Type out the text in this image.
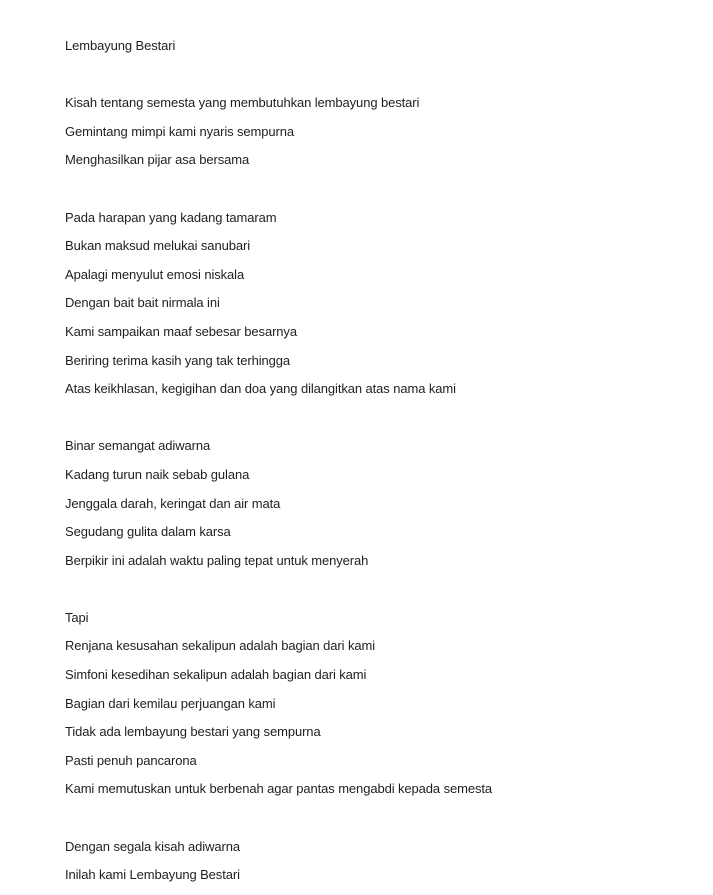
Lembayung Bestari
Kisah tentang semesta yang membutuhkan lembayung bestari
Gemintang mimpi kami nyaris sempurna
Menghasilkan pijar asa bersama
Pada harapan yang kadang tamaram
Bukan maksud melukai sanubari
Apalagi menyulut emosi niskala
Dengan bait bait nirmala ini
Kami sampaikan maaf sebesar besarnya
Beriring terima kasih yang tak terhingga
Atas keikhlasan, kegigihan dan doa yang dilangitkan atas nama kami
Binar semangat adiwarna
Kadang turun naik sebab gulana
Jenggala darah, keringat dan air mata
Segudang gulita dalam karsa
Berpikir ini adalah waktu paling tepat untuk menyerah
Tapi
Renjana kesusahan sekalipun adalah bagian dari kami
Simfoni kesedihan sekalipun adalah bagian dari kami
Bagian dari kemilau perjuangan kami
Tidak ada lembayung bestari yang sempurna
Pasti penuh pancarona
Kami memutuskan untuk berbenah agar pantas mengabdi kepada semesta
Dengan segala kisah adiwarna
Inilah kami Lembayung Bestari
